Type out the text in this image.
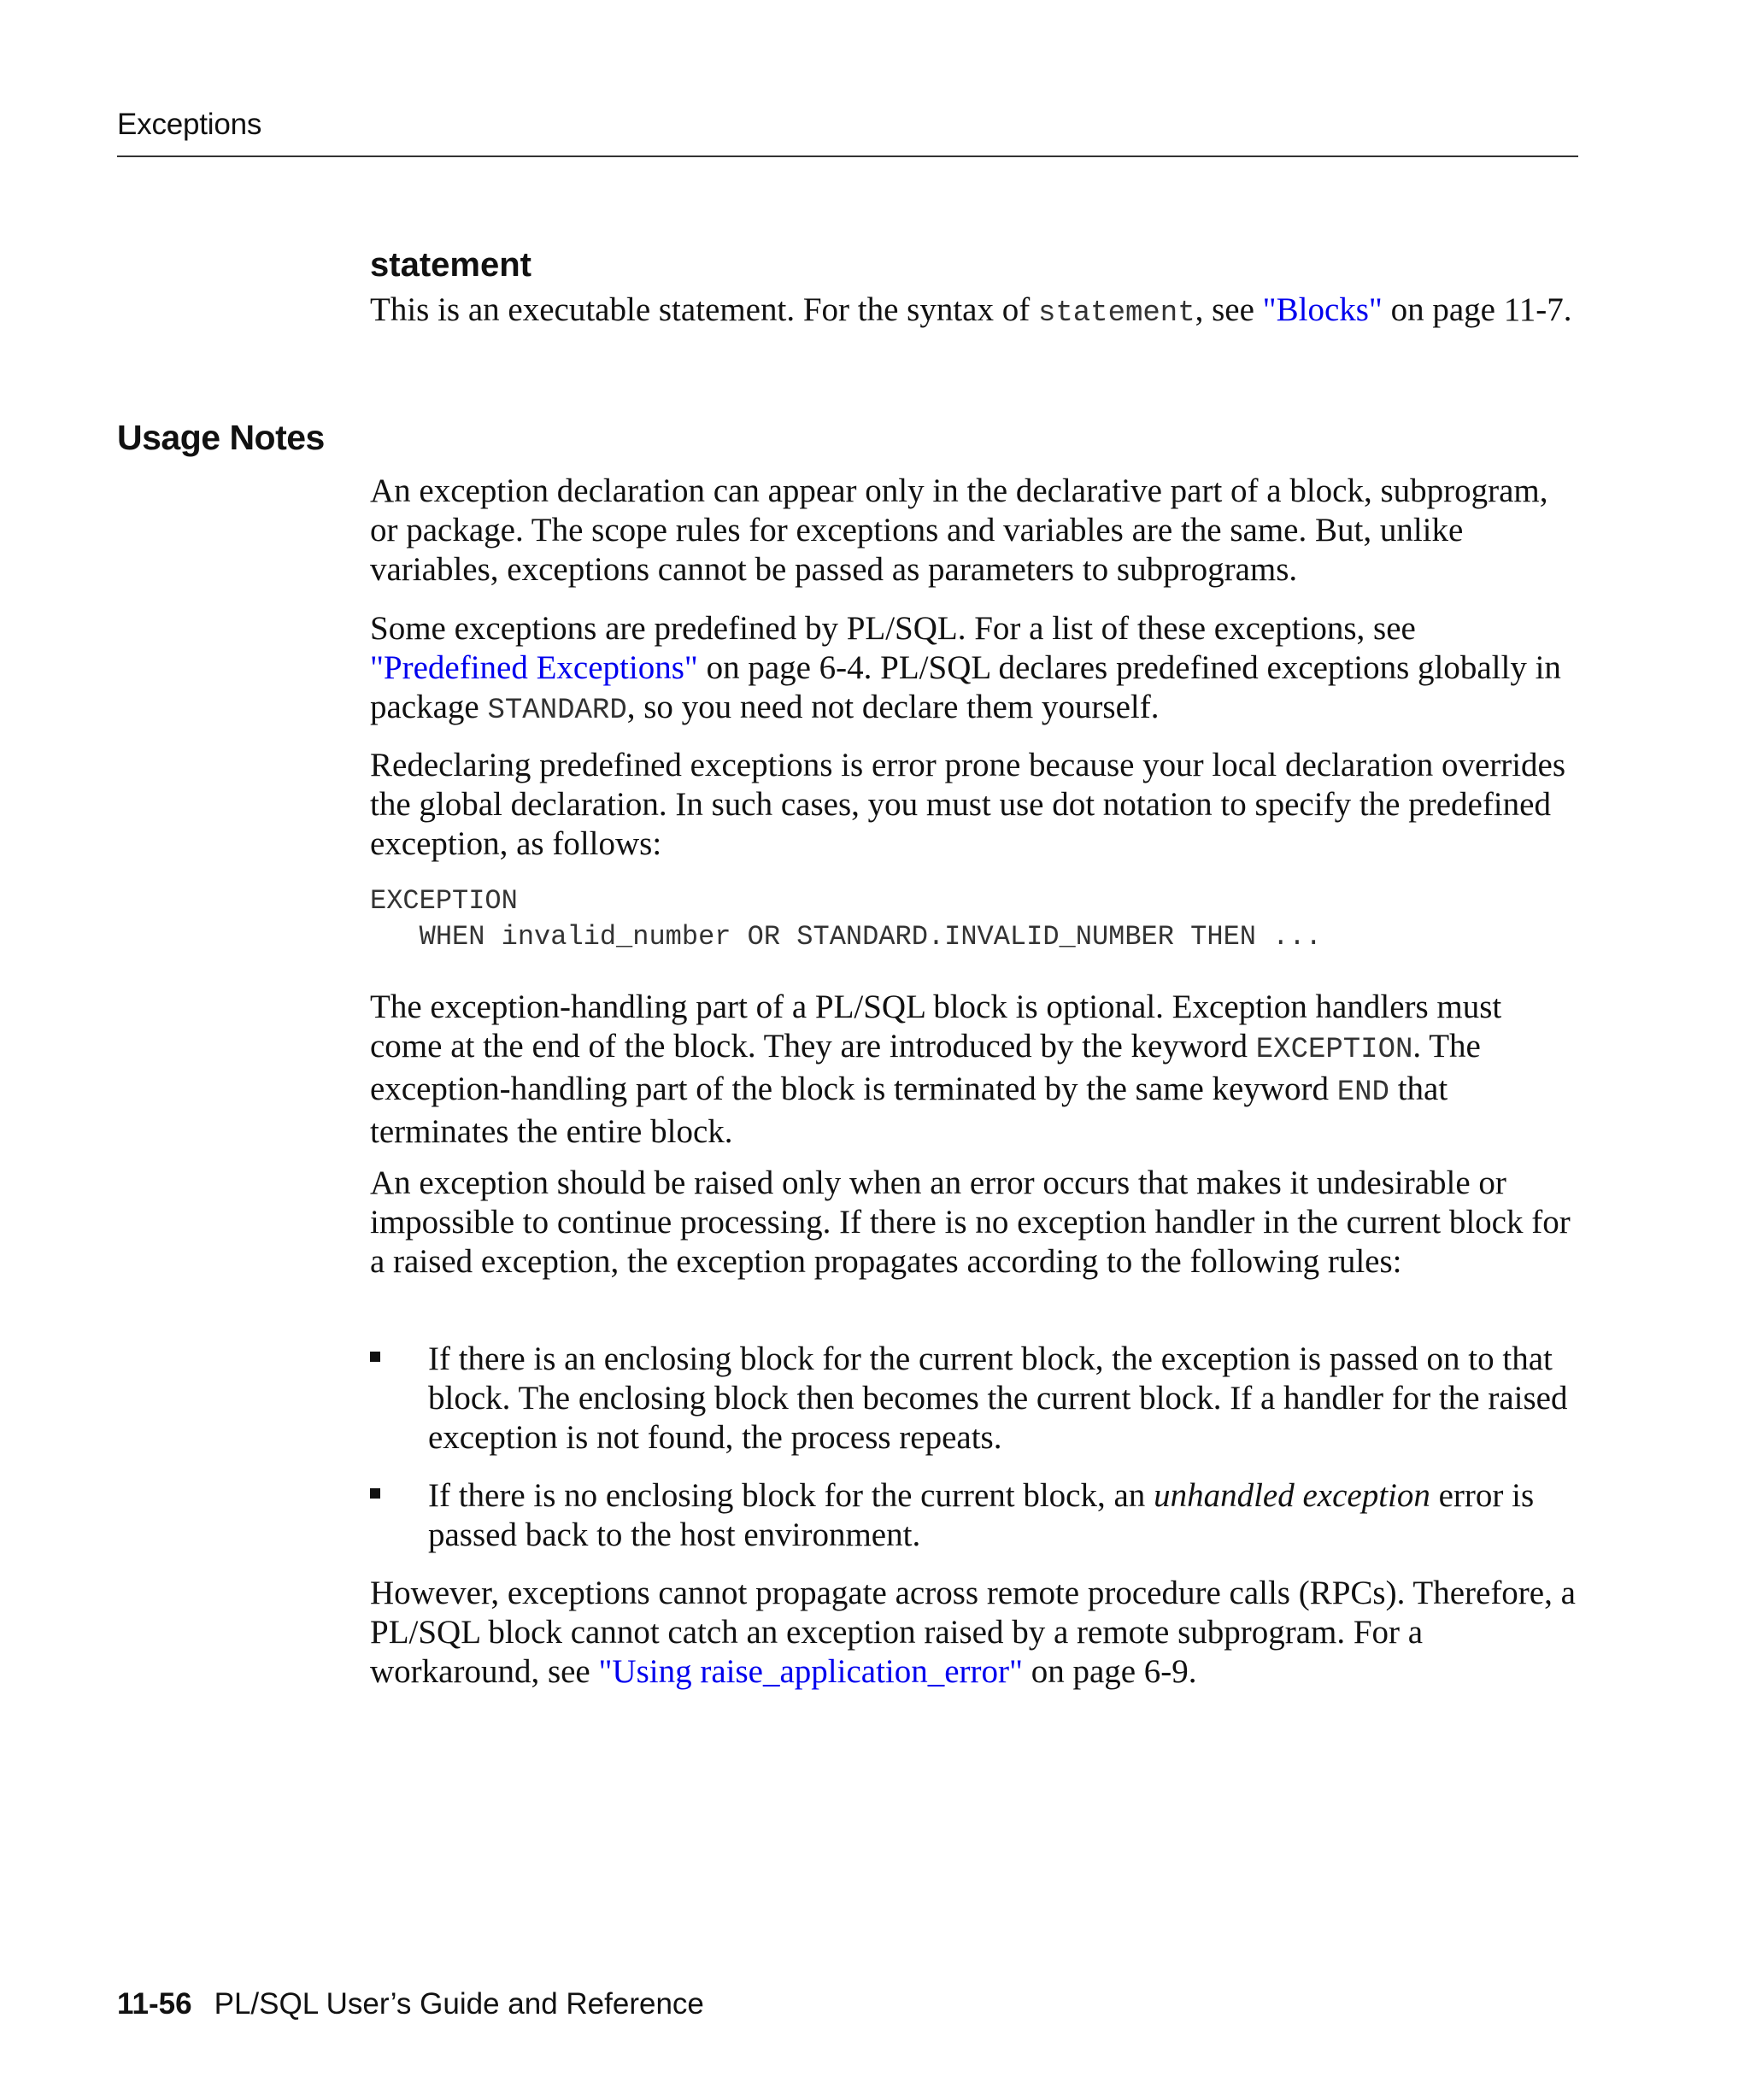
Exceptions
statement

This is an executable statement. For the syntax of statement, see "Blocks" on page 11-7.

Usage Notes

An exception declaration can appear only in the declarative part of a block, subprogram, or package. The scope rules for exceptions and variables are the same. But, unlike variables, exceptions cannot be passed as parameters to subprograms.

Some exceptions are predefined by PL/SQL. For a list of these exceptions, see "Predefined Exceptions" on page 6-4. PL/SQL declares predefined exceptions globally in package STANDARD, so you need not declare them yourself.

Redeclaring predefined exceptions is error prone because your local declaration overrides the global declaration. In such cases, you must use dot notation to specify the predefined exception, as follows:

EXCEPTION
WHEN invalid_number OR STANDARD.INVALID_NUMBER THEN ...

The exception-handling part of a PL/SQL block is optional. Exception handlers must come at the end of the block. They are introduced by the keyword EXCEPTION. The exception-handling part of the block is terminated by the same keyword END that terminates the entire block.

An exception should be raised only when an error occurs that makes it undesirable or impossible to continue processing. If there is no exception handler in the current block for a raised exception, the exception propagates according to the following rules:

If there is an enclosing block for the current block, the exception is passed on to that block. The enclosing block then becomes the current block. If a handler for the raised exception is not found, the process repeats.

If there is no enclosing block for the current block, an unhandled exception error is passed back to the host environment.

However, exceptions cannot propagate across remote procedure calls (RPCs). Therefore, a PL/SQL block cannot catch an exception raised by a remote subprogram. For a workaround, see "Using raise_application_error" on page 6-9.

11-56 PL/SQL User’s Guide and Reference
